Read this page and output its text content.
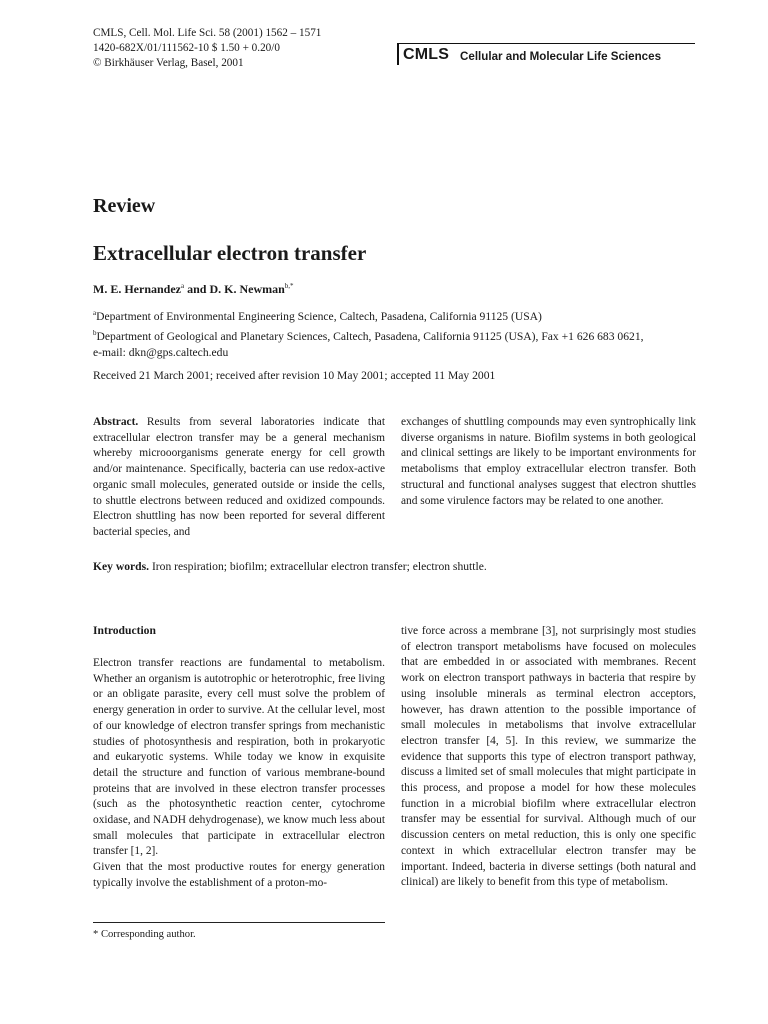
CMLS, Cell. Mol. Life Sci. 58 (2001) 1562 – 1571
1420-682X/01/111562-10 $ 1.50 + 0.20/0
© Birkhäuser Verlag, Basel, 2001	CMLS Cellular and Molecular Life Sciences
Review
Extracellular electron transfer
M. E. Hernandez$^a$ and D. K. Newman$^{b,*}$
$^a$Department of Environmental Engineering Science, Caltech, Pasadena, California 91125 (USA)
$^b$Department of Geological and Planetary Sciences, Caltech, Pasadena, California 91125 (USA), Fax +1 626 683 0621,
e-mail: dkn@gps.caltech.edu
Received 21 March 2001; received after revision 10 May 2001; accepted 11 May 2001

Abstract. Results from several laboratories indicate that extracellular electron transfer may be a general mechanism whereby microoorganisms generate energy for cell growth and/or maintenance. Specifically, bacteria can use redox-active organic small molecules, generated outside or inside the cells, to shuttle electrons between reduced and oxidized compounds. Electron shuttling has now been reported for several different bacterial species, and

exchanges of shuttling compounds may even syntrophically link diverse organisms in nature. Biofilm systems in both geological and clinical settings are likely to be important environments for metabolisms that employ extracellular electron transfer. Both structural and functional analyses suggest that electron shuttles and some virulence factors may be related to one another.

Key words. Iron respiration; biofilm; extracellular electron transfer; electron shuttle.
Introduction

Electron transfer reactions are fundamental to metabolism. Whether an organism is autotrophic or heterotrophic, free living or an obligate parasite, every cell must solve the problem of energy generation in order to survive. At the cellular level, most of our knowledge of electron transfer springs from mechanistic studies of photosynthesis and respiration, both in prokaryotic and eukaryotic systems. While today we know in exquisite detail the structure and function of various membrane-bound proteins that are involved in these electron transfer processes (such as the photosynthetic reaction center, cytochrome oxidase, and NADH dehydrogenase), we know much less about small molecules that participate in extracellular electron transfer [1, 2].

Given that the most productive routes for energy generation typically involve the establishment of a proton-mo-

tive force across a membrane [3], not surprisingly most studies of electron transport metabolisms have focused on molecules that are embedded in or associated with membranes. Recent work on electron transport pathways in bacteria that respire by using insoluble minerals as terminal electron acceptors, however, has drawn attention to the possible importance of small molecules in metabolisms that involve extracellular electron transfer [4, 5]. In this review, we summarize the evidence that supports this type of electron transport pathway, discuss a limited set of small molecules that might participate in this process, and propose a model for how these molecules function in a microbial biofilm where extracellular electron transfer may be essential for survival. Although much of our discussion centers on metal reduction, this is only one specific context in which extracellular electron transfer may be important. Indeed, bacteria in diverse settings (both natural and clinical) are likely to benefit from this type of metabolism.

* Corresponding author.
